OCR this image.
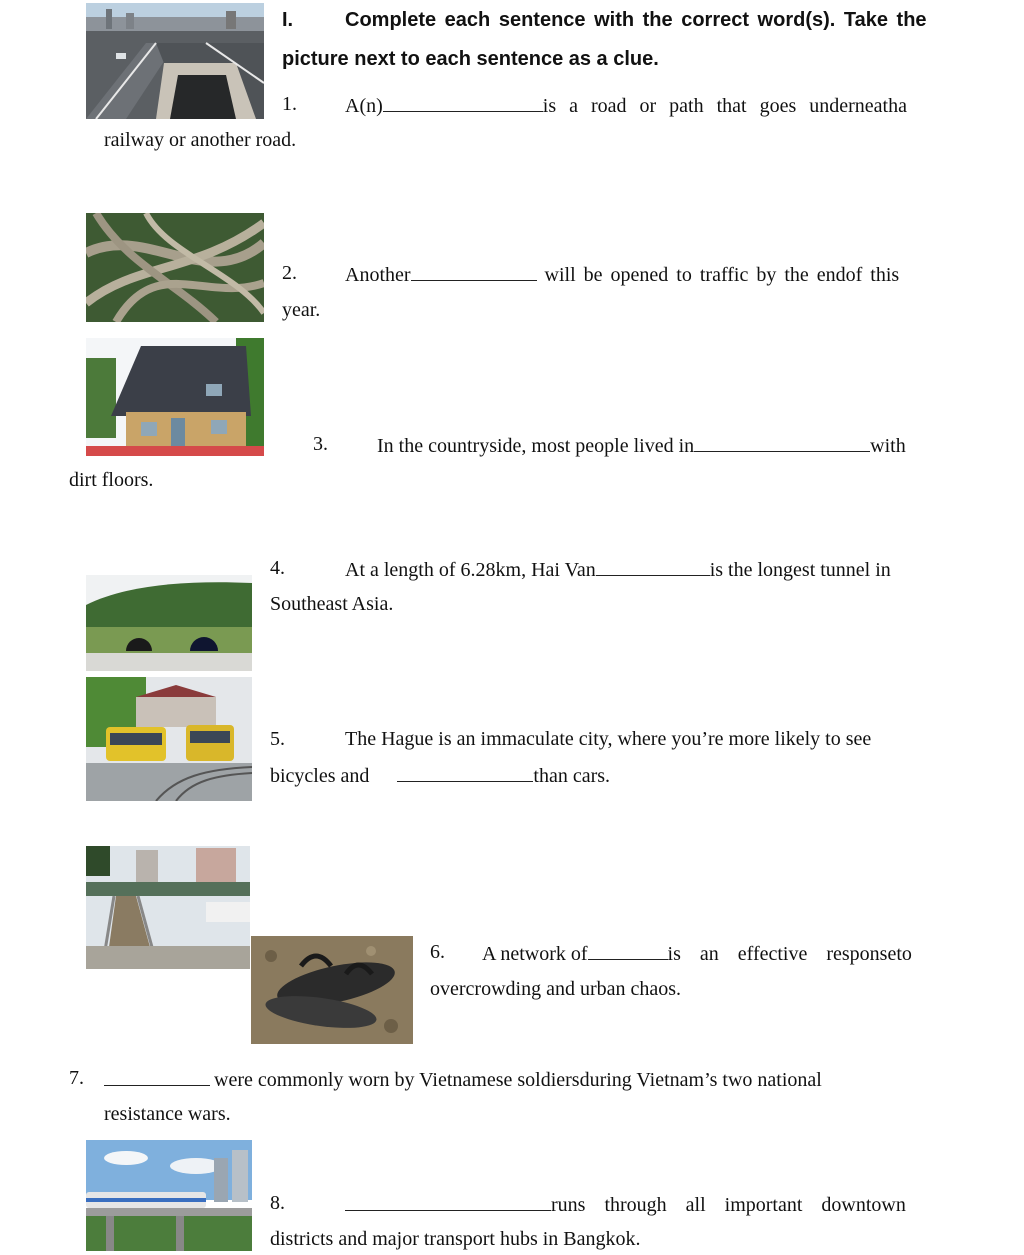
I.	Complete each sentence with the correct word(s). Take the
picture next to each sentence as a clue.
1. A(n)	is a road or path that goes underneatha
railway or another road.
2. Another	will be opened to traffic by the endof this
year.
3. In the countryside, most people lived in	with
dirt floors.
4.	At a length of 6.28km, Hai Van	is the longest tunnel in
Southeast Asia.
5.	The Hague is an immaculate city, where you’re more likely to see
bicycles and	than cars.
6. A network of	is an effective responseto
overcrowding and urban chaos.
7.	were commonly worn by Vietnamese soldiersduring Vietnam’s two national
resistance wars.
8.	runs through all important downtown
districts and major transport hubs in Bangkok.
